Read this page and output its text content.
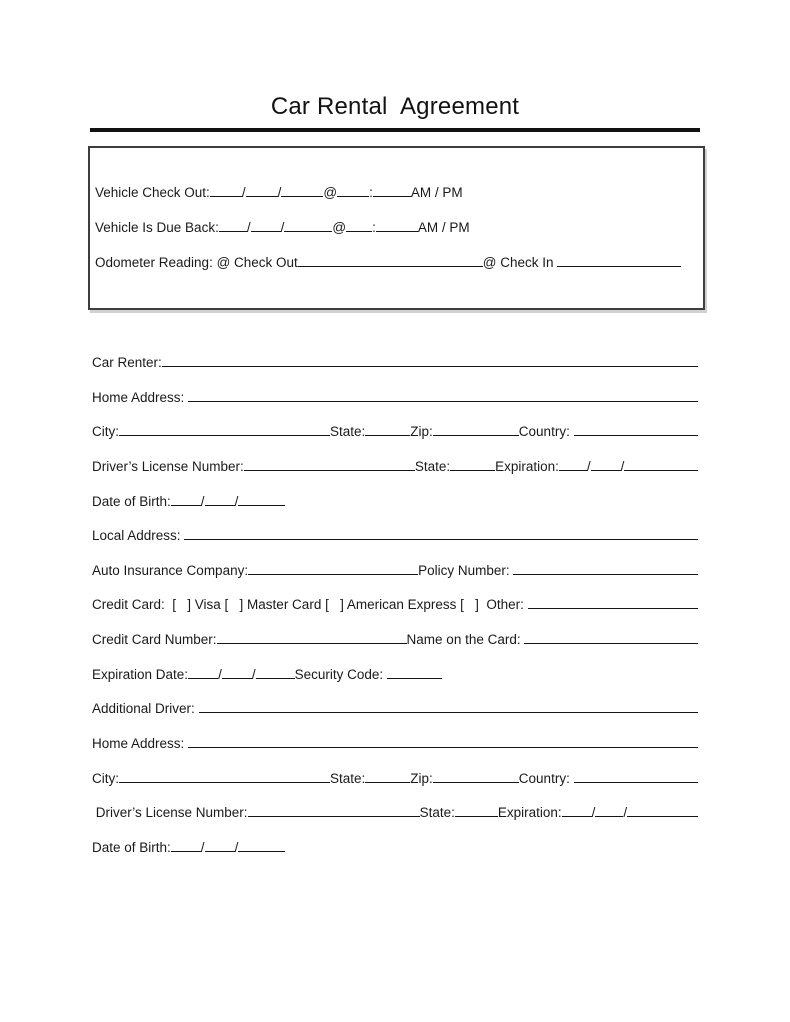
Car Rental  Agreement
Vehicle Check Out: / /	@ :	AM / PM
Vehicle Is Due Back: / /	@ :	AM / PM
Odometer Reading: @ Check Out	@ Check In
Car Renter:
Home Address:
City:	State:	Zip:	Country:
Driver’s License Number:	State:	Expiration: / /
Date of Birth: / /
Local Address:
Auto Insurance Company:	Policy Number:
Credit Card:  [   ] Visa [   ] Master Card [   ] American Express [   ]  Other:
Credit Card Number:	Name on the Card:
Expiration Date: / /	Security Code:
Additional Driver:
Home Address:
City:	State:	Zip:	Country:
Driver’s License Number:	State:	Expiration: / /
Date of Birth: / /
